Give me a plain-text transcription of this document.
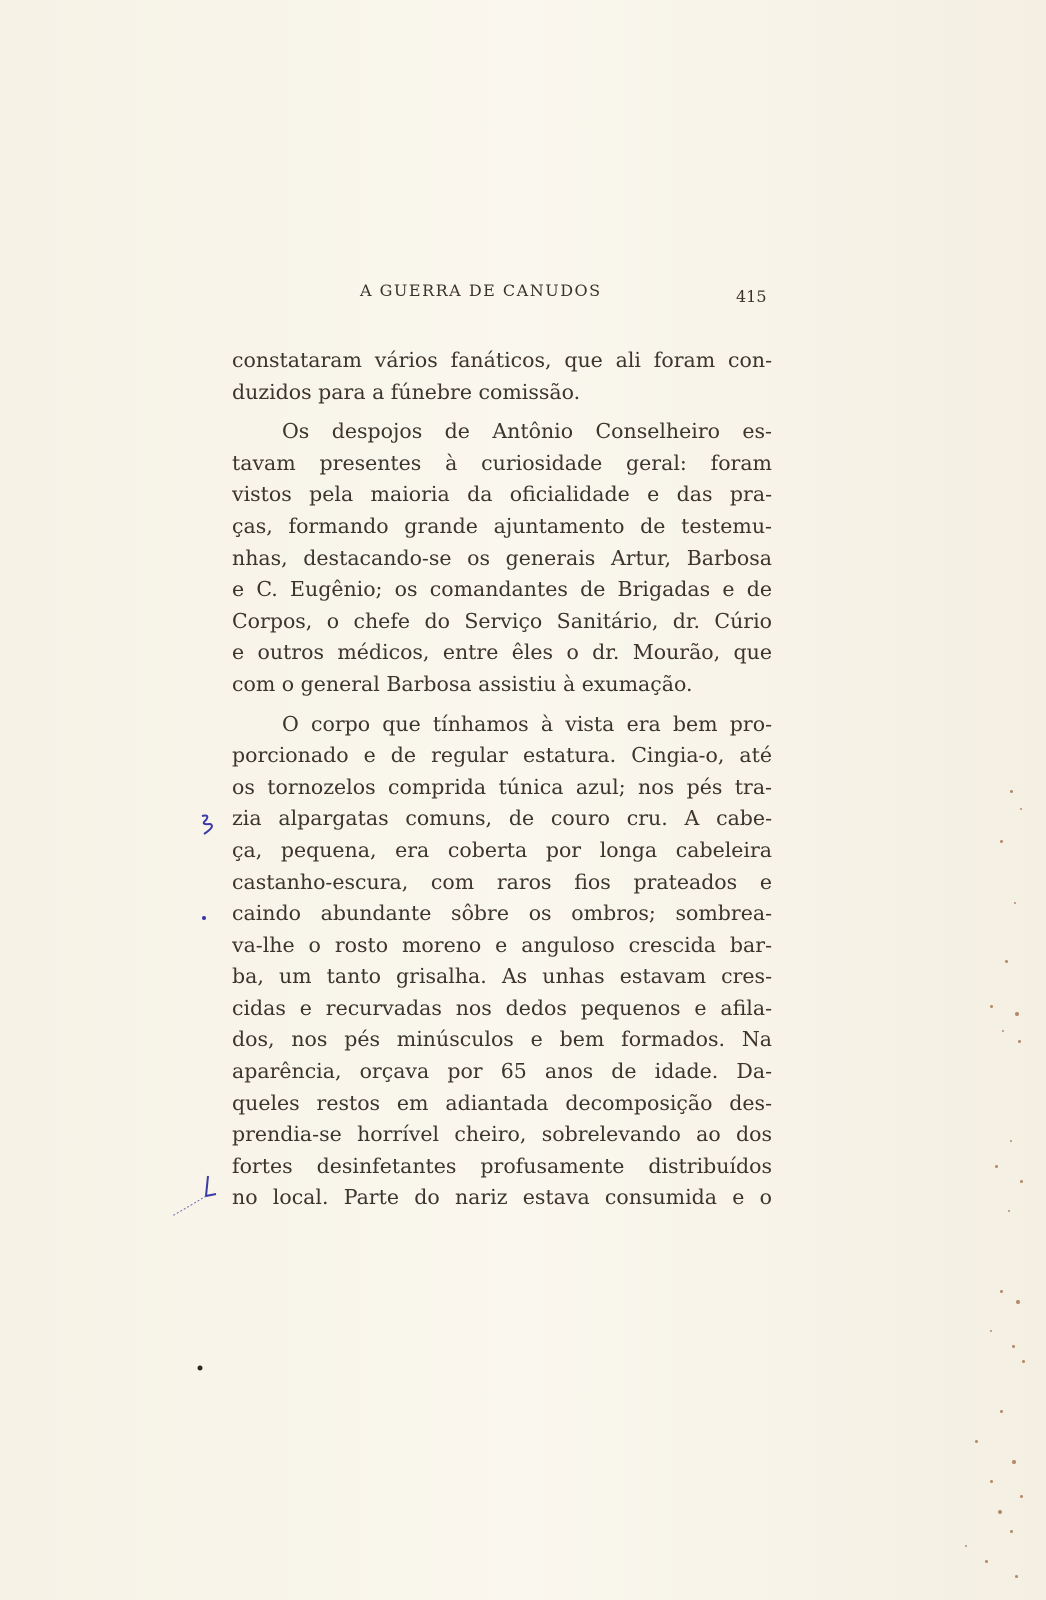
A GUERRA DE CANUDOS	415
constataram vários fanáticos, que ali foram con-
duzidos para a fúnebre comissão.
Os despojos de Antônio Conselheiro es-
tavam presentes à curiosidade geral: foram
vistos pela maioria da oficialidade e das pra-
ças, formando grande ajuntamento de testemu-
nhas, destacando-se os generais Artur, Barbosa
e C. Eugênio; os comandantes de Brigadas e de
Corpos, o chefe do Serviço Sanitário, dr. Cúrio
e outros médicos, entre êles o dr. Mourão, que
com o general Barbosa assistiu à exumação.
O corpo que tínhamos à vista era bem pro-
porcionado e de regular estatura. Cingia-o, até
os tornozelos comprida túnica azul; nos pés tra-
zia alpargatas comuns, de couro cru. A cabe-
ça, pequena, era coberta por longa cabeleira
castanho-escura, com raros fios prateados e
caindo abundante sôbre os ombros; sombrea-
va-lhe o rosto moreno e anguloso crescida bar-
ba, um tanto grisalha. As unhas estavam cres-
cidas e recurvadas nos dedos pequenos e afila-
dos, nos pés minúsculos e bem formados. Na
aparência, orçava por 65 anos de idade. Da-
queles restos em adiantada decomposição des-
prendia-se horrível cheiro, sobrelevando ao dos
fortes desinfetantes profusamente distribuídos
no local. Parte do nariz estava consumida e o
